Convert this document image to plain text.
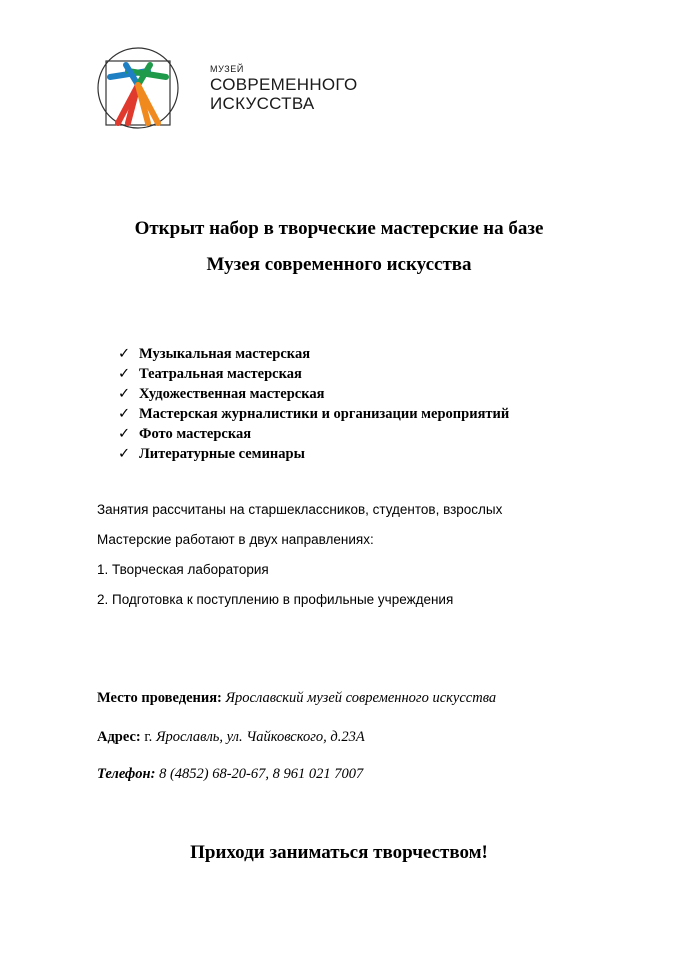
МУЗЕЙ
СОВРЕМЕННОГО
ИСКУССТВА
Открыт набор в творческие мастерские на базе
Музея современного искусства
✓ Музыкальная мастерская
✓ Театральная мастерская
✓ Художественная мастерская
✓ Мастерская журналистики и организации мероприятий
✓ Фото мастерская
✓ Литературные семинары
Занятия рассчитаны на старшеклассников, студентов, взрослых
Мастерские работают в двух направлениях:
1. Творческая лаборатория
2. Подготовка к поступлению в профильные учреждения
Место проведения: Ярославский музей современного искусства
Адрес: г. Ярославль, ул. Чайковского, д.23А
Телефон: 8 (4852) 68-20-67, 8 961 021 7007
Приходи заниматься творчеством!
